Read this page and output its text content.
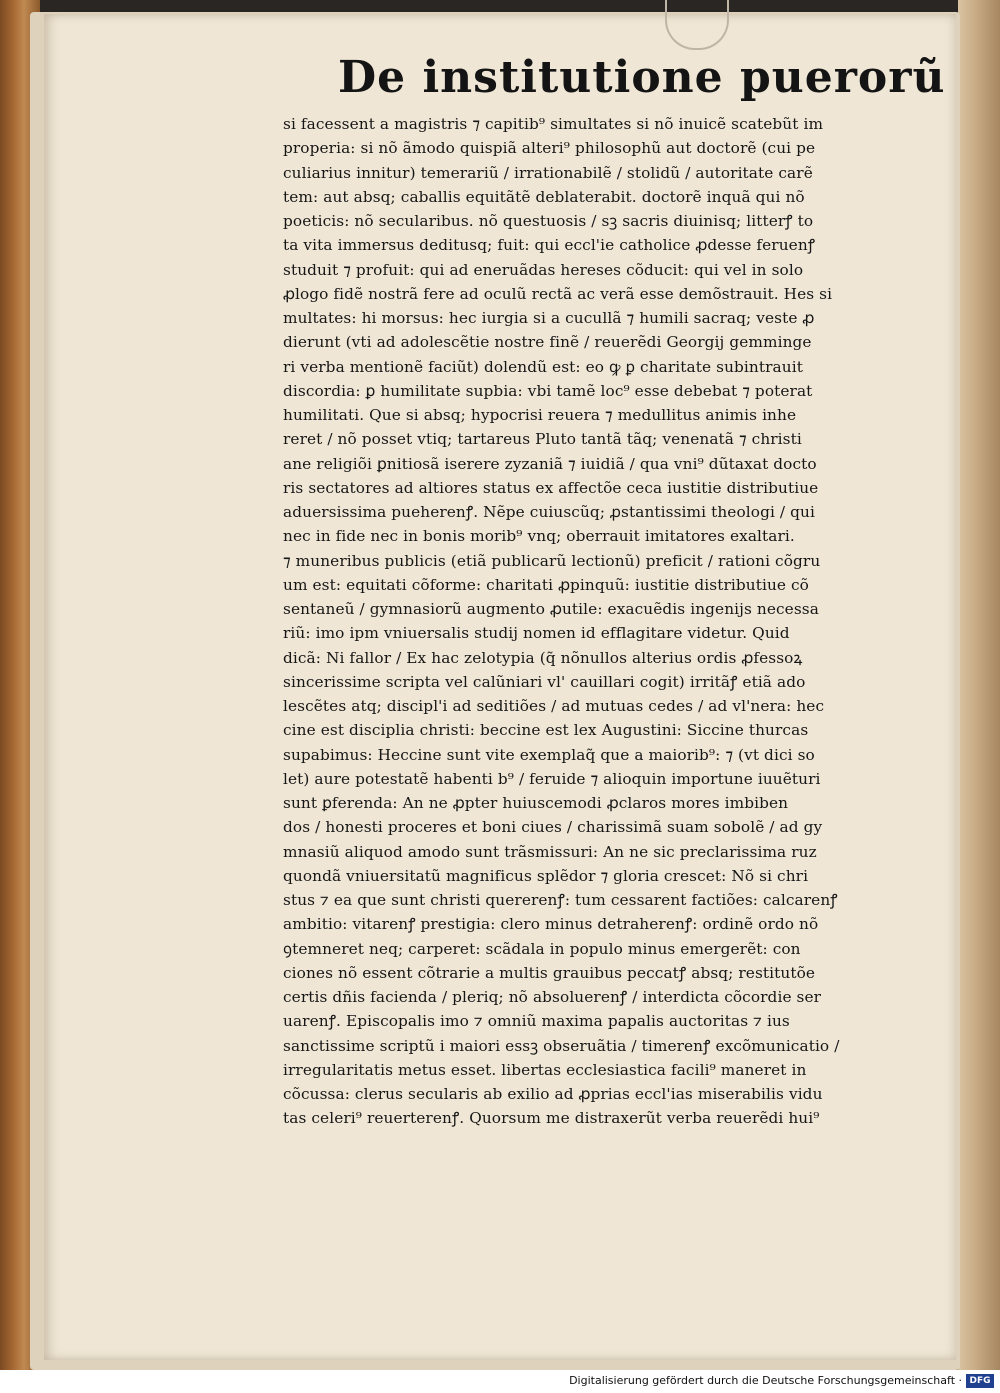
De institutione puerorũ
si facessent a magistris ⁊ capitib⁹ simultates si nõ inuicẽ scatebũt im
properia: si nõ ãmodo quispiã alteri⁹ philosophũ aut doctorẽ (cui pe
culiarius innitur) temerariũ / irrationabilẽ / stolidũ / autoritate carẽ
tem: aut absq; caballis equitãtẽ deblaterabit. doctorẽ inquã qui nõ
poeticis: nõ secularibus. nõ questuosis / sꝫ sacris diuinisq; litterꝭ to
ta vita immersus deditusq; fuit: qui eccl'ie catholice ꝓdesse feruenꝭ
studuit ⁊ profuit: qui ad eneruãdas hereses cõducit: qui vel in solo
ꝓlogo fidẽ nostrã fere ad oculũ rectã ac verã esse demõstrauit. Hes si
multates: hi morsus: hec iurgia si a cucullã ⁊ humili sacraq; veste ꝓ
dierunt (vti ad adolescẽtie nostre finẽ / reuerẽdi Georgij gemminge
ri verba mentionẽ faciũt) dolendũ est: eo ꝙ ꝑ charitate subintrauit
discordia: ꝑ humilitate supbia: vbi tamẽ loc⁹ esse debebat ⁊ poterat
humilitati. Que si absq; hypocrisi reuera ⁊ medullitus animis inhe
reret / nõ posset vtiq; tartareus Pluto tantã tãq; venenatã ⁊ christi
ane religiõi ꝑnitiosã iserere zyzaniã ⁊ iuidiã / qua vni⁹ dũtaxat docto
ris sectatores ad altiores status ex affectõe ceca iustitie distributiue
aduersissima pueherenꝭ. Nẽpe cuiuscũq; ꝓstantissimi theologi / qui
nec in fide nec in bonis morib⁹ vnq; oberrauit imitatores exaltari.
⁊ muneribus publicis (etiã publicarũ lectionũ) preficit / rationi cõgru
um est: equitati cõforme: charitati ꝓpinquũ: iustitie distributiue cõ
sentaneũ / gymnasiorũ augmento ꝓutile: exacuẽdis ingenijs necessa
riũ: imo ipm vniuersalis studij nomen id efflagitare videtur. Quid
dicã: Ni fallor / Ex hac zelotypia (q̃ nõnullos alterius ordis ꝓfessoꝝ
sincerissime scripta vel calũniari vl' cauillari cogit) irritãꝭ etiã ado
lescẽtes atq; discipl'i ad seditiões / ad mutuas cedes / ad vl'nera: hec
cine est disciplia christi: beccine est lex Augustini: Siccine thurcas
supabimus: Heccine sunt vite exemplaq̃ que a maiorib⁹: ⁊ (vt dici so
let) aure potestatẽ habenti b⁹ / feruide ⁊ alioquin importune iuuẽturi
sunt ꝑferenda: An ne ꝓpter huiuscemodi ꝓclaros mores imbiben
dos / honesti proceres et boni ciues / charissimã suam sobolẽ / ad gy
mnasiũ aliquod amodo sunt trãsmissuri: An ne sic preclarissima ruz
quondã vniuersitatũ magnificus splẽdor ⁊ gloria crescet: Nõ si chri
stus ⁊ ea que sunt christi quererenꝭ: tum cessarent factiões: calcarenꝭ
ambitio: vitarenꝭ prestigia: clero minus detraherenꝭ: ordinẽ ordo nõ
ꝯtemneret neq; carperet: scãdala in populo minus emergerẽt: con
ciones nõ essent cõtrarie a multis grauibus peccatꝭ absq; restitutõe
certis dñis facienda / pleriq; nõ absoluerenꝭ / interdicta cõcordie ser
uarenꝭ. Episcopalis imo ⁊ omniũ maxima papalis auctoritas ⁊ ius
sanctissime scriptũ i maiori essꝫ obseruãtia / timerenꝭ excõmunicatio /
irregularitatis metus esset. libertas ecclesiastica facili⁹ maneret in
cõcussa: clerus secularis ab exilio ad ꝓprias eccl'ias miserabilis vidu
tas celeri⁹ reuerterenꝭ. Quorsum me distraxerũt verba reuerẽdi hui⁹
Digitalisierung gefördert durch die Deutsche Forschungsgemeinschaft · DFG
